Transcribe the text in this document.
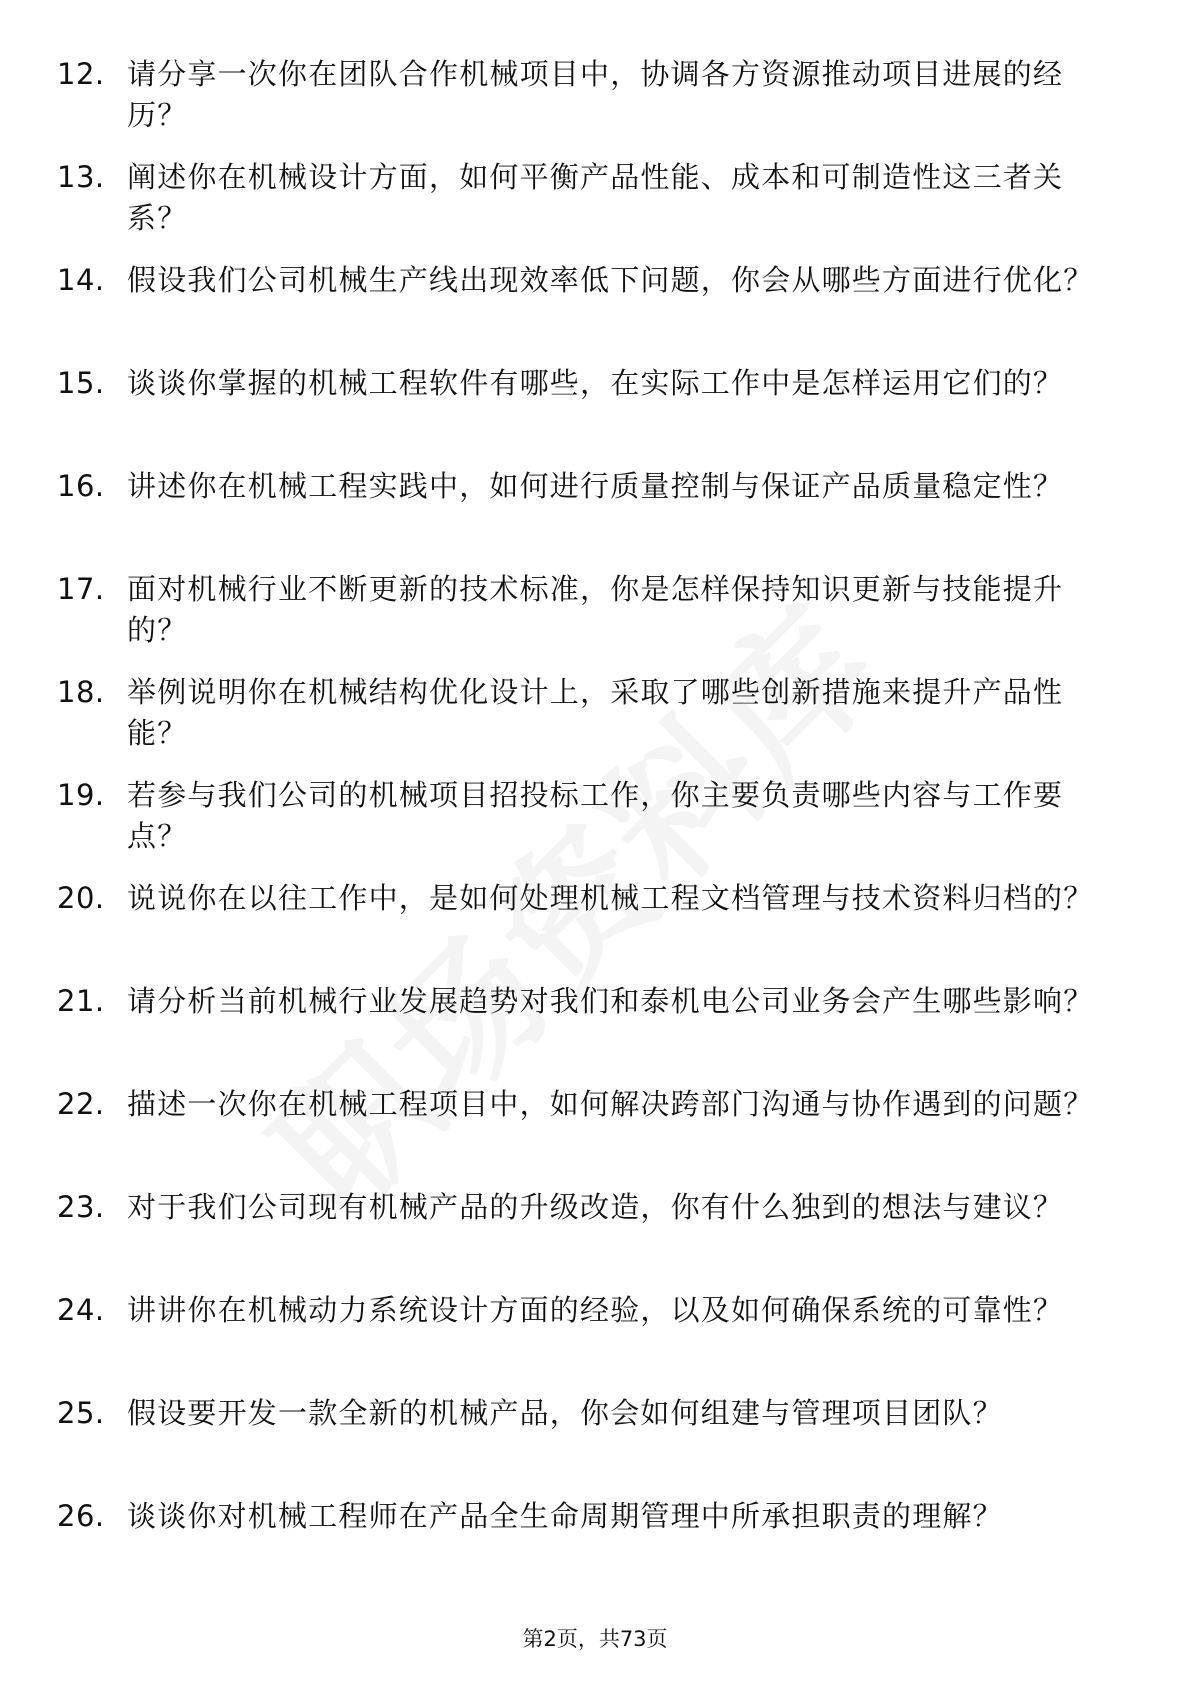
12. 请分享一次你在团队合作机械项目中，协调各方资源推动项目进展的经历？
13. 阐述你在机械设计方面，如何平衡产品性能、成本和可制造性这三者关系？
14. 假设我们公司机械生产线出现效率低下问题，你会从哪些方面进行优化？
15. 谈谈你掌握的机械工程软件有哪些，在实际工作中是怎样运用它们的？
16. 讲述你在机械工程实践中，如何进行质量控制与保证产品质量稳定性？
17. 面对机械行业不断更新的技术标准，你是怎样保持知识更新与技能提升的？
18. 举例说明你在机械结构优化设计上，采取了哪些创新措施来提升产品性能？
19. 若参与我们公司的机械项目招投标工作，你主要负责哪些内容与工作要点？
20. 说说你在以往工作中，是如何处理机械工程文档管理与技术资料归档的？
21. 请分析当前机械行业发展趋势对我们和泰机电公司业务会产生哪些影响？
22. 描述一次你在机械工程项目中，如何解决跨部门沟通与协作遇到的问题？
23. 对于我们公司现有机械产品的升级改造，你有什么独到的想法与建议？
24. 讲讲你在机械动力系统设计方面的经验，以及如何确保系统的可靠性？
25. 假设要开发一款全新的机械产品，你会如何组建与管理项目团队？
26. 谈谈你对机械工程师在产品全生命周期管理中所承担职责的理解？
第2页，共73页
